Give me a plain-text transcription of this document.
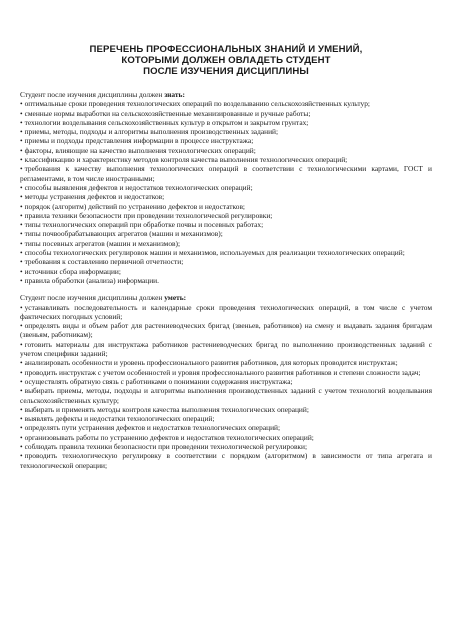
ПЕРЕЧЕНЬ ПРОФЕССИОНАЛЬНЫХ ЗНАНИЙ И УМЕНИЙ,
КОТОРЫМИ ДОЛЖЕН ОВЛАДЕТЬ СТУДЕНТ
ПОСЛЕ ИЗУЧЕНИЯ ДИСЦИПЛИНЫ

Студент после изучения дисциплины должен знать:

• оптимальные сроки проведения технологических операций по возделыванию сельскохозяйственных культур;
• сменные нормы выработки на сельскохозяйственные механизированные и ручные работы;
• технологии возделывания сельскохозяйственных культур в открытом и закрытом грунтах;
• приемы, методы, подходы и алгоритмы выполнения производственных заданий;
• приемы и подходы представления информации в процессе инструктажа;
• факторы, влияющие на качество выполнения технологических операций;
• классификацию и характеристику методов контроля качества выполнения технологических операций;
• требования к качеству выполнения технологических операций в соответствии с технологическими картами, ГОСТ и регламентами, в том числе иностранными;
• способы выявления дефектов и недостатков технологических операций;
• методы устранения дефектов и недостатков;
• порядок (алгоритм) действий по устранению дефектов и недостатков;
• правила техники безопасности при проведении технологической регулировки;
• типы технологических операций при обработке почвы и посевных работах;
• типы почвообрабатывающих агрегатов (машин и механизмов);
• типы посевных агрегатов (машин и механизмов);
• способы технологических регулировок машин и механизмов, используемых для реализации технологических операций;
• требования к составлению первичной отчетности;
• источники сбора информации;
• правила обработки (анализа) информации.

Студент после изучения дисциплины должен уметь:

• устанавливать последовательность и календарные сроки проведения технологических операций, в том числе с учетом фактических погодных условий;
• определять виды и объем работ для растениеводческих бригад (звеньев, работников) на смену и выдавать задания бригадам (звеньям, работникам);
• готовить материалы для инструктажа работников растениеводческих бригад по выполнению производственных заданий с учетом специфики заданий;
• анализировать особенности и уровень профессионального развития работников, для которых проводится инструктаж;
• проводить инструктаж с учетом особенностей и уровня профессионального развития работников и степени сложности задач;
• осуществлять обратную связь с работниками о понимании содержания инструктажа;
• выбирать приемы, методы, подходы и алгоритмы выполнения производственных заданий с учетом технологий возделывания сельскохозяйственных культур;
• выбирать и применять методы контроля качества выполнения технологических операций;
• выявлять дефекты и недостатки технологических операций;
• определять пути устранения дефектов и недостатков технологических операций;
• организовывать работы по устранению дефектов и недостатков технологических операций;
• соблюдать правила техники безопасности при проведении технологической регулировки;
• проводить технологическую регулировку в соответствии с порядком (алгоритмом) в зависимости от типа агрегата и технологической операции;
